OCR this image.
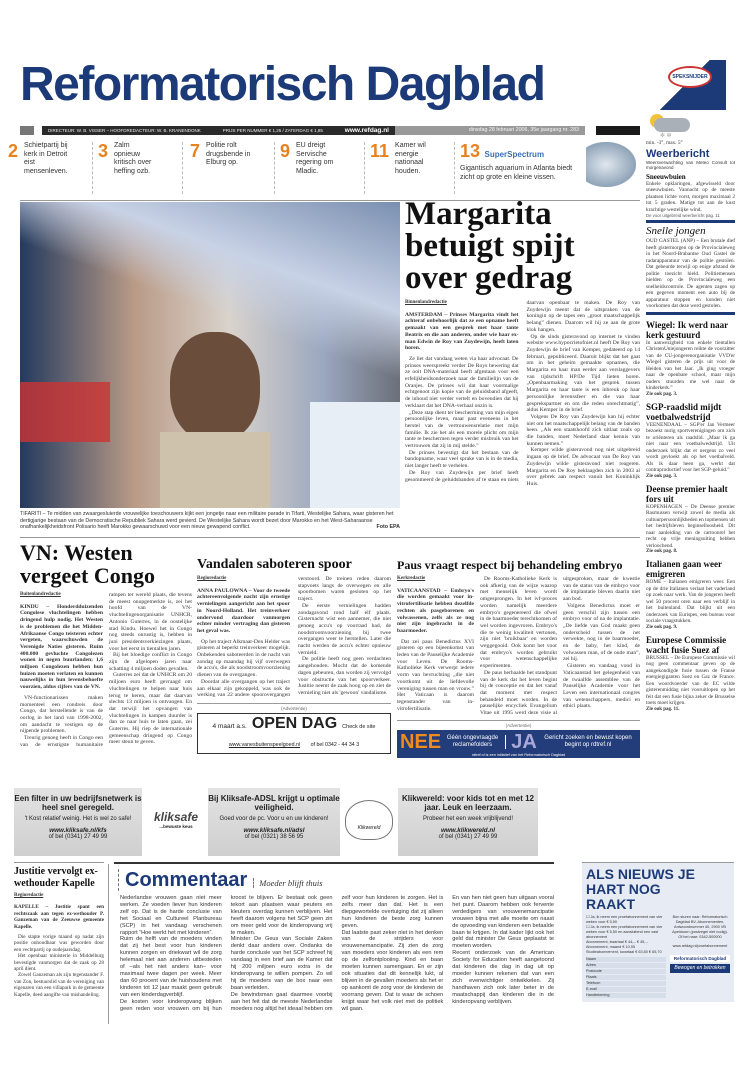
Reformatorisch Dagblad	SPEKSNIJDER
DIRECTEUR: W. B. VISSER – HOOFDREDACTEUR: W. B. KRANENDONK	PRIJS PER NUMMER € 1,25 / ZATERDAG € 1,85	www.refdag.nl	dinsdag 28 februari 2006, 35e jaargang nr. 283
2 Schietpartij bij kerk in Detroit eist mensenleven.
3 Zalm opnieuw kritisch over heffing ozb.
7 Politie rolt drugsbende in Elburg op.
9 EU dreigt Servische regering om Mladic.
11 Kamer wil energie nationaal houden.
13 SuperSpectrum
Gigantisch aquarium in Atlanta biedt zicht op grote en kleine vissen.
TIFARITI – Te midden van zwaargesluierde vrouwelijke toeschouwers kijkt een jongetje naar een militaire parade in Tifarti, Westelijke Sahara, waar gisteren het dertigjarige bestaan van de Democratische Republiek Sahara werd gevierd. De Westelijke Sahara wordt bezet door Marokko en het West-Saharaanse onafhankelijkheidsfront Polisario heeft Marokko gewaarschuwd voor een nieuw gewapend conflict.	Foto EPA
Margarita betuigt spijt over gedrag
Binnenlandredactie

AMSTERDAM – Prinses Margarita vindt het achteraf onbehoorlijk dat ze een opname heeft gemaakt van een gesprek met haar tante Beatrix en die aan anderen, onder wie haar ex-man Edwin de Roy van Zuydewijn, heeft laten horen.

Ze liet dat vandaag weten via haar advocaat. De prinses weerspreekt verder De Roys bewering dat ze ooit DNA-materiaal heeft afgestaan voor een erfelijkheidsonderzoek naar de familielijn van de Oranjes. De prinses wil dat haar voormalige echtgenoot zijn kopie van de geluidsband afgeeft, de inhoud niet verder vertelt en bovendien dat hij verklaart dat het DNA-verhaal onzin is.

„Deze stap dient ter bescherming van mijn eigen persoonlijke leven, maar past eveneens in het herstel van de vertrouwensrelatie met mijn familie. Ik zie het als een morele plicht om mijn tante te beschermen tegen verder misbruik van het vertrouwen dat zij in mij stelde.”

De prinses bevestigt dat het bestaan van de bandopname, waar veel sprake van is in de media, niet langer heeft te verhelen.

De Roy van Zuydewijn per brief heeft gesommeerd de geluidsbanden af te staan en niets daarvan openbaar te maken. De Roy van Zuydewijn meent dat de uitspraken van de koningin op de tapes een „groot maatschappelijk belang” dienen. Daarom wil hij ze aan de grote klok hangen.

Op de sinds gisteravond op internet te vinden website www.hypocrietofniet.nl heeft De Roy van Zuydewijn de brief van Kemper, gedateerd op 14 februari, gepubliceerd. Daaruit blijkt dat het gaat om in het geheim gemaakte opnamen, die Margarita en haar man eerder aan verslaggevers van tijdschrift HP/De Tijd lieten horen. „Openbaarmaking van het gesprek tussen Margarita en haar tante is een inbreuk op haar persoonlijke levenssfeer en die van haar gesprekspartner en om die reden onrechtmatig”, aldus Kemper in de brief.

Volgens De Roy van Zuydewijn kan hij echter niet om het maatschappelijk belang van de banden heen. „Als een staatshoofd zich uitlaat zoals op die banden, moet Nederland daar kennis van kunnen nemen.”

Kemper wilde gisteravond nog niet uitgebreid ingaan op de brief. De advocaat van De Roy van Zuydewijn wilde gisteravond niet reageren. Margarita en De Roy beklaagden zich in 2003 al over gebrek aan respect vanuit het Koninklijk Huis.

✻ ✻
min. -3°, max. 5°
Weerbericht
Weersverwachting van Meteo Consult tot morgenavond
Sneeuwbuien
Enkele opklaringen, afgewisseld door sneeuwbuien. Vannacht op de meeste plaatsen lichte vorst, morgen maximaal 2 tot 5 graden. Matige tot aan de kust krachtige westelijke wind.
De voor uitgebreid weerbericht pag. 11
Snelle jongen
OUD GASTEL (ANP) – Een brutale dief heeft gistermorgen op de Provincialeweg in het Noord-Brabantse Oud Gastel de radarapparatuur van de politie gestolen. Dat gebeurde terwijl op enige afstand de politie toezicht hield. Politiemensen hielden op de Provincialeweg een snelheidscontrole. De agenten zagen op een gegeven moment een auto bij de apparatuur stoppen en konden niet voorkomen dat deze werd gestolen.
Wiegel: Ik werd naar kerk gestuurd
In aanwezigheid van enkele tientallen ChristenUniejongeren reikte de voorzitter van de CU-jongerenorganisatie VVD'er Wiegel gisteren de prijs uit voor de Heiden van het Jaar. „Ik ging vroeger naar de openbare school, maar mijn ouders stuurden me wel naar de kinderkerk.”
Zie ook pag. 3.
SGP-raadslid mijdt voetbalwedstrijd
VEENENDAAL – SGP'er Jan Vermeer bezoekt nurig sportverenigingen om zich te oriënteren als raadslid. „Maar ik ga niet naar een voetbalwedstrijd. Uit onderzoek blijkt dat er nergens zo veel wordt gevloekt als op het voetbalveld. Als ik daar heen ga, werkt dat contraproductief voor het SGP-geluid.”
Zie ook pag. 3.
Deense premier haalt fors uit
KOPENHAGEN – De Deense premier Rasmussen verwijt zowel de media als cultuurpersoonlijkheden en topmensen uit het bedrijfsleven beginselloosheid. Dit naar aanleiding van de cartoonrel het recht op vrije meningsuiting hebben verloochend.
Zie ook pag. 8.
Italianen gaan weer emigreren
ROME – Italianen emigreren weer. Een op de drie Italianen verlaat het vaderland op zoek naar werk. Van de jongeren heeft wel 50 procent oren naar een verblijf in het buitenland. Dat blijkt uit een onderzoek van Eurispes, een bureau voor sociale vraagstukken.
Zie ook pag. 9.
Europese Commissie wacht fusie Suez af
BRUSSEL – De Europese Commissie wil nog geen commentaar geven op de aangekondigde fusie tussen de Franse energiegiganten Suez en Gaz de France. Een woordvoerder van de EC wilde gisterenmiddag niet vooruitlopen op het feit dat een fusie bijna zeker de Brusselse toets moet krijgen.
Zie ook pag. 11.
VN: Westen vergeet Congo
Buitenlandredactie

KINDU – Honderdduizenden Congolese vluchtelingen hebben dringend hulp nodig. Het Westen is de problemen die het Midden-Afrikaanse Congo teisteren echter vergeten, waarschuwden de Verenigde Naties gisteren. Ruim 400.000 gevluchte Congolezen wonen in negen buurlanden; 1,6 miljoen Congolezen hebben hun huizen moeten verlaten en kunnen nauwelijks in hun levensbehoefte voorzien, aldus cijfers van de VN.

VN-functionarissen maken momenteel een rondreis door Congo, dat herstellende is van de oorlog in het land van 1998-2002, om aandacht te vestigen op de nijpende problemen.

Treurig genoeg heeft in Congo een van de ernstigste humanitaire rampen ter wereld plaats, die tevens de meest onopgemerkte is, zei het hoofd van de VN-vluchtelingenorganisatie UNHCR, Antonio Guterres, in de oostelijke stad Kindu. Hoewel het in Congo nog steeds onrustig is, hebben in juni presidentsverkiezingen plaats, voor het eerst in tientallen jaren.

Bij het bloedige conflict in Congo zijn de afgelopen jaren naar schatting 4 miljoen doden gevallen.

Guterres zei dat de UNHCR om 20 miljoen euro heeft gevraagd om vluchtelingen te helpen naar huis terug te keren, maar dat daarvan slechts 13 miljoen is ontvangen. En dat terwijl het opvangen van vluchtelingen in kampen duurder is dan ze naar huis te laten gaan, zei Guterres. Hij riep de internationale gemeenschap dringend op Congo meer steun te geven.

Vandalen saboteren spoor
Regioredactie

ANNA PAULOWNA – Voor de tweede achtereenvolgende nacht zijn ernstige vernielingen aangericht aan het spoor in Noord-Holland. Het treinverkeer ondervond daardoor vanmorgen echter minder vertraging dan gisteren het geval was.

Op het traject Alkmaar-Den Helder was gisteren al beperkt treinverkeer mogelijk. Onbekenden saboteerden in de nacht van zondag op maandag bij vijf overwegen de accu's, die als noodstroomvoorziening dienen van de overgangen.

Doordat alle overgangen op het traject aan elkaar zijn gekoppeld, was ook de werking van 22 andere spoorovergangen verstoord. De treinen reden daarom stapvoets langs de overwegen en alle spoorbomen waren gesloten op het traject.

De eerste vernielingen hadden zondagavond rond half elf plaats. Gisternacht wist een aannemer, die niet genoeg accu's op voorraad had, de noodstroomvoorziening bij twee overgangen weer te herstellen. Later die nacht werden de accu's echter opnieuw vernield.

De politie heeft nog geen verdachten aangehouden. Mocht dat de komende dagen gebeuren, dan worden zij vervolgd voor obstructie van het spoorverkeer. Justitie neemt de zaak hoog op en ziet de vernieling niet als 'gewoon' vandalisme.

(Advertentie)
4 maart a.s. OPEN DAG Check de site
www.vanesbuitenspeelgoed.nl of bel 0342 - 44 34 3
Paus vraagt respect bij behandeling embryo
Kerkredactie

VATICAANSTAD – Embryo's die worden gemaakt voor in-vitrofertilisatie hebben dezelfde rechten als pasgeborenen en volwassenen, zelfs als ze nog niet zijn ingebracht in de baarmoeder.

Dat zei paus Benedictus XVI gisteren op een bijeenkomst van leden van de Pauselijke Academie voor Leven. De Rooms-Katholieke Kerk verwerpt iedere vorm van bevruchting „die niet voortkomt uit de liefdevolle vereniging tussen man en vrouw.” Het Vaticaan is daarom tegenstander van in-vitrofertilisatie.

De Rooms-Katholieke Kerk is ook afkerig van de wijze waarop met menselijk leven wordt omgesprongen. In het ivf-proces worden namelijk meerdere embryo's gegenereerd die ofwel in de baarmoeder terechtkomen of wel worden ingevroren. Embryo's die te weinig kwaliteit vertonen, zijn niet 'bruikbaar' en worden weggegooid. Ook komt het voor dat embryo's worden gebruikt voor wetenschappelijke experimenten.

De paus herhaalde het standpunt van de kerk dat het leven begint bij de conceptie en dat het vanaf dat moment met respect behandeld moet worden. In de pauselijke encycliek Evangelium Vitae uit 1995 werd deze visie al uitgesproken, maar de kwestie van de status van de embryo voor de implantatie bleven daarin niet aan bod.

Volgens Benedictus moet er geen verschil zijn tussen een embryo voor of na de implantatie. „De liefde van God maakt geen onderscheid tussen de net verwekte, nog in de baarmoeder, en de baby, het kind, de volwassen man, of de oude man”, zei hij.

Gisteren en vandaag vond in Vaticaanstad het gelegenheid van de twaalfde assemblee van de Pauselijke Academie voor het Leven een internationaal congres van wetenschappers, medici en ethici plaats.

(Advertentie)
NEE Géén ongevraagde reclamefolders JA	Gericht zoeken en bewust kopen begint op rdtref.nl
rdtref.nl is een initiatief van het Reformatorisch Dagblad
Een filter in uw bedrijfsnetwerk is heel snel geregeld.
't Kost relatief weinig. Het is wel zo safe!
www.kliksafe.nl/kfs
of bel (0341) 27 49 99
kliksafe
...bewuste keus
Bij Kliksafe-ADSL krijgt u optimale veiligheid.
Goed voor de pc. Voor u en uw kinderen!
www.kliksafe.nl/adsl
of bel (0321) 38 56 95
Klikwereld
Klikwereld: voor kids tot en met 12 jaar. Leuk en leerzaam.
Probeer het een week vrijblijvend!
www.klikwereld.nl
of bel (0341) 27 49 99
Justitie vervolgt ex-wethouder Kapelle
Regioredactie

KAPELLE – Justitie spant een rechtszaak aan tegen ex-wethouder P. Ganzeman van de Zeeuwse gemeente Kapelle.

Die stapte vorige maand op nadat zijn positie onhoudbaar was geworden door een vechtpartij op oudejaarsdag.

Het openbaar ministerie in Middelburg bevestigde vanmorgen dat de zaak op 28 april dient.

Zowel Ganzeman als zijn tegenstander F. van Zon, bestuurslid van de vereniging van eigenaren van een villapark in de gemeente Kapelle, deed aangifte van mishandeling.

Commentaar	Moeder blijft thuis

Nederlandse vrouwen gaan niet meer werken. Ze voeden liever hun kinderen zelf op. Dat is de harde conclusie van het Sociaal en Cultureel Planbureau (SCP) in het vandaag verschenen rapport “Hoe werkt het met kinderen”.

Ruim de helft van de moeders vinden dat zij het best voor hun kinderen kunnen zorgen en driekwart wil de zorg helemaal niet aan anderen uitbesteden of –als het niet anders kan– voor maximaal twee dagen per week. Meer dan 60 procent van de huishoudens met kinderen tot 12 jaar maakt geen gebruik van een kinderdagverblijf.

De kosten voor kinderopvang blijken geen reden voor vrouwen om bij hun kroost te blijven. Er bestaat ook geen tekort aan plaatsen waar peuters en kleuters overdag kunnen verblijven. Het heeft daarom volgens het SCP geen zin om meer geld voor de kinderopvang vrij te maken.

Minister De Geus van Sociale Zaken denkt daar anders over. Ondanks de harde conclusie van het SCP schreef hij vandaag in een brief aan de Kamer dat hij 200 miljoen euro extra in de kinderopvang te willen pompen. Zo wil hij de moeders van de box naar een baan verleiden.

De bewindsman gaat daarmee voorbij aan het feit dat de meeste Nederlandse moeders nog altijd het ideaal hebben om zelf voor hun kinderen te zorgen. Het is zelfs meer dan dat. Het is een diepgewortelde overtuiging dat zij alleen hun kinderen de beste zorg kunnen geven.

Dat laatste past zeker niet in het denken van de strijders voor vrouwenemancipatie. Zij zien de zorg van moeders voor kinderen als een rem op de zelfontplooiing. Kind en baan moeten kunnen samengaan. En er zijn ook situaties dat dit kennelijk lukt, al blijven in de gevallen moeders als het er op aankomt de zorg voor de kinderen de voorrang geven. Dat is waar de schoen knijpt waar het volk niet met de politiek wil gaan.

En van hen niet geen hun uitgaan vooral het punt. Daarom hebben ook fervente verdedigers van vrouwenemancipatie vrouwen bijna met alle moeite om naast de opvoeding van kinderen een betaalde baan te krijgen. In dat kader lijkt ook het geld dat minister De Geus geplaatst te moeten worden.

Recent onderzoek van de American Society for Education heeft aangetoond dat kinderen die dag in dag uit op moeder kunnen rekenen dat van een zich evenwichtiger ontwikkelen. Zij handhaven zich ook later beter in de maatschappij dan kinderen die in de kinderopvang verblijven.

ALS NIEUWS JE HART NOG RAAKT
☐ Ja, ik neem een proefabonnement van vier weken voor € 5,50
☐ Ja, ik neem een proefabonnement van vier weken voor € 5,50 en aansluitend een vast abonnement
Abonnement, kwartaal € 44,-- € 45,--
Abonnement, maand € 10,95
Studieabonnement, kwartaal € 63,50 € 65,70
Naam
Adres
Postcode
Plaats
Telefoon
E-mail
Handtekening
Bon sturen naar: Reformatorisch Dagblad BV, Abonnementen, Antwoordnummer 40, 2900 VB Apeldoorn (postzegel niet nodig). Of bel naar: 0342-500000
www.refdag.nl/proefabonnement
Reformatorisch Dagblad
Bewogen en betrokken
